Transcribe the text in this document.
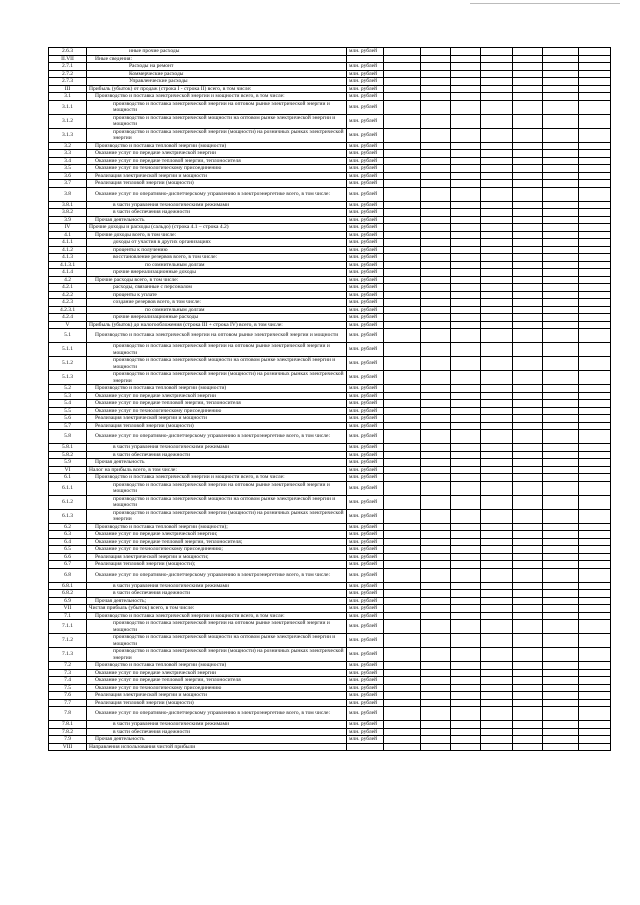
2.6.3	иные прочие расходы	млн. рублей							
II.VII	Иные сведения:								
2.7.1	Расходы на ремонт	млн. рублей							
2.7.2	Коммерческие расходы	млн. рублей							
2.7.3	Управленческие расходы	млн. рублей							
III	Прибыль (убыток) от продаж (строка I - строка II) всего, в том числе:	млн. рублей							
3.1	Производство и поставка электрической энергии и мощности всего, в том числе:	млн. рублей							
3.1.1	производство и поставка электрической энергии на оптовом рынке электрической энергии и мощности	млн. рублей							
3.1.2	производство и поставка электрической мощности на оптовом рынке электрической энергии и мощности	млн. рублей							
3.1.3	производство и поставка электрической энергии (мощности) на розничных рынках электрической энергии	млн. рублей							
3.2	Производство и поставка тепловой энергии (мощности)	млн. рублей							
3.3	Оказание услуг по передаче электрической энергии	млн. рублей							
3.4	Оказание услуг по передаче тепловой энергии, теплоносителя	млн. рублей							
3.5	Оказание услуг по технологическому присоединению	млн. рублей							
3.6	Реализация электрической энергии и мощности	млн. рублей							
3.7	Реализация тепловой энергии (мощности)	млн. рублей							
3.8	Оказание услуг по оперативно-диспетчерскому управлению в электроэнергетике всего, в том числе:	млн. рублей							
3.8.1	в части управления технологическими режимами	млн. рублей							
3.8.2	в части обеспечения надежности	млн. рублей							
3.9	Прочая деятельность	млн. рублей							
IV	Прочие доходы и расходы (сальдо) (строка 4.1 – строка 4.2)	млн. рублей							
4.1	Прочие доходы всего, в том числе:	млн. рублей							
4.1.1	доходы от участия в других организациях	млн. рублей							
4.1.2	проценты к получению	млн. рублей							
4.1.3	восстановление резервов всего, в том числе:	млн. рублей							
4.1.3.1	по сомнительным долгам	млн. рублей							
4.1.4	прочие внереализационные доходы	млн. рублей							
4.2	Прочие расходы всего, в том числе:	млн. рублей							
4.2.1	расходы, связанные с персоналом	млн. рублей							
4.2.2	проценты к уплате	млн. рублей							
4.2.3	создание резервов всего, в том числе:	млн. рублей							
4.2.3.1	по сомнительным долгам	млн. рублей							
4.2.4	прочие внереализационные расходы	млн. рублей							
V	Прибыль (убыток) до налогообложения (строка III + строка IV) всего, в том числе:	млн. рублей							
5.1	Производство и поставка электрической энергии на оптовом рынке электрической энергии и мощности	млн. рублей							
5.1.1	производство и поставка электрической энергии на оптовом рынке электрической энергии и мощности	млн. рублей							
5.1.2	производство и поставка электрической мощности на оптовом рынке электрической энергии и мощности	млн. рублей							
5.1.3	производство и поставка электрической энергии (мощности) на розничных рынках электрической энергии	млн. рублей							
5.2	Производство и поставка тепловой энергии (мощности)	млн. рублей							
5.3	Оказание услуг по передаче электрической энергии	млн. рублей							
5.4	Оказание услуг по передаче тепловой энергии, теплоносителя	млн. рублей							
5.5	Оказание услуг по технологическому присоединению	млн. рублей							
5.6	Реализация электрической энергии и мощности	млн. рублей							
5.7	Реализация тепловой энергии (мощности)	млн. рублей							
5.8	Оказание услуг по оперативно-диспетчерскому управлению в электроэнергетике всего, в том числе:	млн. рублей							
5.8.1	в части управления технологическими режимами	млн. рублей							
5.8.2	в части обеспечения надежности	млн. рублей							
5.9	Прочая деятельность	млн. рублей							
VI	Налог на прибыль всего, в том числе:	млн. рублей							
6.1	Производство и поставка электрической энергии и мощности всего, в том числе:	млн. рублей							
6.1.1	производство и поставка электрической энергии на оптовом рынке электрической энергии и мощности	млн. рублей							
6.1.2	производство и поставка электрической мощности на оптовом рынке электрической энергии и мощности	млн. рублей							
6.1.3	производство и поставка электрической энергии (мощности) на розничных рынках электрической энергии	млн. рублей							
6.2	Производство и поставка тепловой энергии (мощности);	млн. рублей							
6.3	Оказание услуг по передаче электрической энергии;	млн. рублей							
6.4	Оказание услуг по передаче тепловой энергии, теплоносителя;	млн. рублей							
6.5	Оказание услуг по технологическому присоединению;	млн. рублей							
6.6	Реализация электрической энергии и мощности;	млн. рублей							
6.7	Реализация тепловой энергии (мощности);	млн. рублей							
6.8	Оказание услуг по оперативно-диспетчерскому управлению в электроэнергетике всего, в том числе:	млн. рублей							
6.8.1	в части управления технологическими режимами	млн. рублей							
6.8.2	в части обеспечения надежности	млн. рублей							
6.9	Прочая деятельность;	млн. рублей							
VII	Чистая прибыль (убыток) всего, в том числе:	млн. рублей							
7.1	Производство и поставка электрической энергии и мощности всего, в том числе:	млн. рублей							
7.1.1	производство и поставка электрической энергии на оптовом рынке электрической энергии и мощности	млн. рублей							
7.1.2	производство и поставка электрической мощности на оптовом рынке электрической энергии и мощности	млн. рублей							
7.1.3	производство и поставка электрической энергии (мощности) на розничных рынках электрической энергии	млн. рублей							
7.2	Производство и поставка тепловой энергии (мощности)	млн. рублей							
7.3	Оказание услуг по передаче электрической энергии	млн. рублей							
7.4	Оказание услуг по передаче тепловой энергии, теплоносителя	млн. рублей							
7.5	Оказание услуг по технологическому присоединению	млн. рублей							
7.6	Реализация электрической энергии и мощности	млн. рублей							
7.7	Реализация тепловой энергии (мощности)	млн. рублей							
7.8	Оказание услуг по оперативно-диспетчерскому управлению в электроэнергетике всего, в том числе:	млн. рублей							
7.8.1	в части управления технологическими режимами	млн. рублей							
7.8.2	в части обеспечения надежности	млн. рублей							
7.9	Прочая деятельность	млн. рублей							
VIII	Направления использования чистой прибыли								
